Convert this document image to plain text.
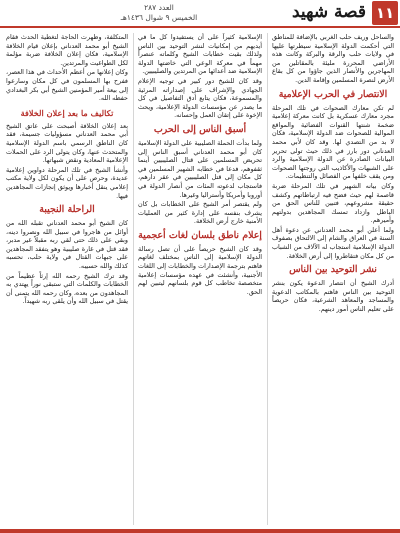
١١
قصة شهيد
العدد ٢٨٧
الخميس ٩ شوال ١٤٣٦هـ

والساحل وريف حلب الغربي بالإضافة للمناطق التي أحكمت الدولة الإسلامية سيطرتها عليها في ولايات حلب والرقة والبركة وكانت هذه الأراضي المحررة مليئة بالمقاتلين من المهاجرين والأنصار الذين جاؤوا من كل بقاع الأرض لنصرة المسلمين وإقامة الدين.

الانتصار في الحرب الإعلامية

لم تكن معارك الصحوات في تلك المرحلة مجرد معارك عسكرية بل كانت معركة إعلامية ضخمة شنتها القنوات الفضائية والمواقع الموالية للصحوات ضد الدولة الإسلامية، فكان لا بد من التصدي لها. وقد كان لأبي محمد العدناني دور بارز في ذلك حيث تولى تحرير البيانات الصادرة عن الدولة الإسلامية والرد على الشبهات والأكاذيب التي روجتها الصحوات ومن يقف خلفها من الفصائل والتنظيمات.

وكان بيانه الشهير في تلك المرحلة ضربة قاصمة لهم حيث فضح فيه ارتباطاتهم وكشف حقيقة مشروعهم، فتبين للناس الحق من الباطل وازداد تمسك المجاهدين بدولتهم وأميرهم.

ولما أعلن أبو محمد العدناني عن دعوة أهل السنة في العراق والشام إلى الالتحاق بصفوف الدولة الإسلامية استجاب له الآلاف من الشباب من كل مكان فتقاطروا إلى أرض الخلافة.

نشر التوحيد بين الناس

أدرك الشيخ أن انتصار الدعوة يكون بنشر التوحيد بين الناس فاهتم بالمكاتب الدعوية والمساجد والمعاهد الشرعية، فكان حريصاً على تعليم الناس أمور دينهم.

الإسلامية كثيراً على أن يستفيدوا كل ما في أيديهم من إمكانيات لنشر التوحيد بين الناس ولذلك بقيت خطابات الشيخ وكلماته عنصراً مهماً في معركة الوعي التي خاضتها الدولة الإسلامية ضد أعدائها من المرتدين والصليبيين.

وقد كان للشيخ دور كبير في توجيه الإعلام الجهادي والإشراف على إصداراته المرئية والمسموعة، فكان يتابع أدق التفاصيل في كل ما يصدر عن مؤسسات الدولة الإعلامية، ويحث الإخوة على إتقان العمل وإحسانه.

أسبق الناس إلى الحرب

ولما بدأت الحملة الصليبية على الدولة الإسلامية كان أبو محمد العدناني أسبق الناس إلى تحريض المسلمين على قتال الصليبيين أينما ثقفوهم، فدعا في خطابه الشهير المسلمين في كل مكان إلى قتل الصليبيين في عقر دارهم، فاستجاب لدعوته المئات من أنصار الدولة في أوروبا وأمريكا وأستراليا وغيرها.

ولم يقتصر أمر الشيخ على الخطابات بل كان يشرف بنفسه على إدارة كثير من العمليات الأمنية خارج أرض الخلافة.

إعلام ناطق بلسان لغات أعجمية

وقد كان الشيخ حريصاً على أن تصل رسالة الدولة الإسلامية إلى الناس بمختلف لغاتهم فاهتم بترجمة الإصدارات والخطابات إلى اللغات الأجنبية، وأنشئت في عهده مؤسسات إعلامية متخصصة تخاطب كل قوم بلسانهم ليتبين لهم الحق.

المتكلفة، وظهرت الحاجة لتغطية الحدث فقام الشيخ أبو محمد العدناني بإعلان قيام الخلافة الإسلامية، فكان إعلان الخلافة ضربة مؤلمة لكل الطواغيت والمرتدين.

وكان إعلانها من أعظم الأحداث في هذا العصر، ففرح بها المسلمون في كل مكان وسارعوا إلى بيعة أمير المؤمنين الشيخ أبي بكر البغدادي حفظه الله.

تكاليف ما بعد إعلان الخلافة

بعد إعلان الخلافة أصبحت على عاتق الشيخ أبي محمد العدناني مسؤوليات جسيمة، فقد كان الناطق الرسمي باسم الدولة الإسلامية والمتحدث عنها، وكان يتولى الرد على الحملات الإعلامية المعادية ونقض شبهاتها.

وأنشأ الشيخ في تلك المرحلة دواوين إعلامية عديدة، وحرص على أن يكون لكل ولاية مكتب إعلامي ينقل أخبارها ويوثق إنجازات المجاهدين فيها.

الراحلة النجيبة

كان الشيخ أبو محمد العدناني تقبله الله من أوائل من هاجروا في سبيل الله ونصروا دينه، وبقي على ذلك حتى لقي ربه مقبلاً غير مدبر، فقد قتل في غارة صليبية وهو يتفقد المجاهدين على جبهات القتال في ولاية حلب، نحسبه كذلك والله حسيبه.

وقد ترك الشيخ رحمه الله إرثاً عظيماً من الخطابات والكلمات التي ستبقى نوراً يهتدي به المجاهدون من بعده، وكان رحمه الله يتمنى أن يقتل في سبيل الله وأن يلقى ربه شهيداً.
